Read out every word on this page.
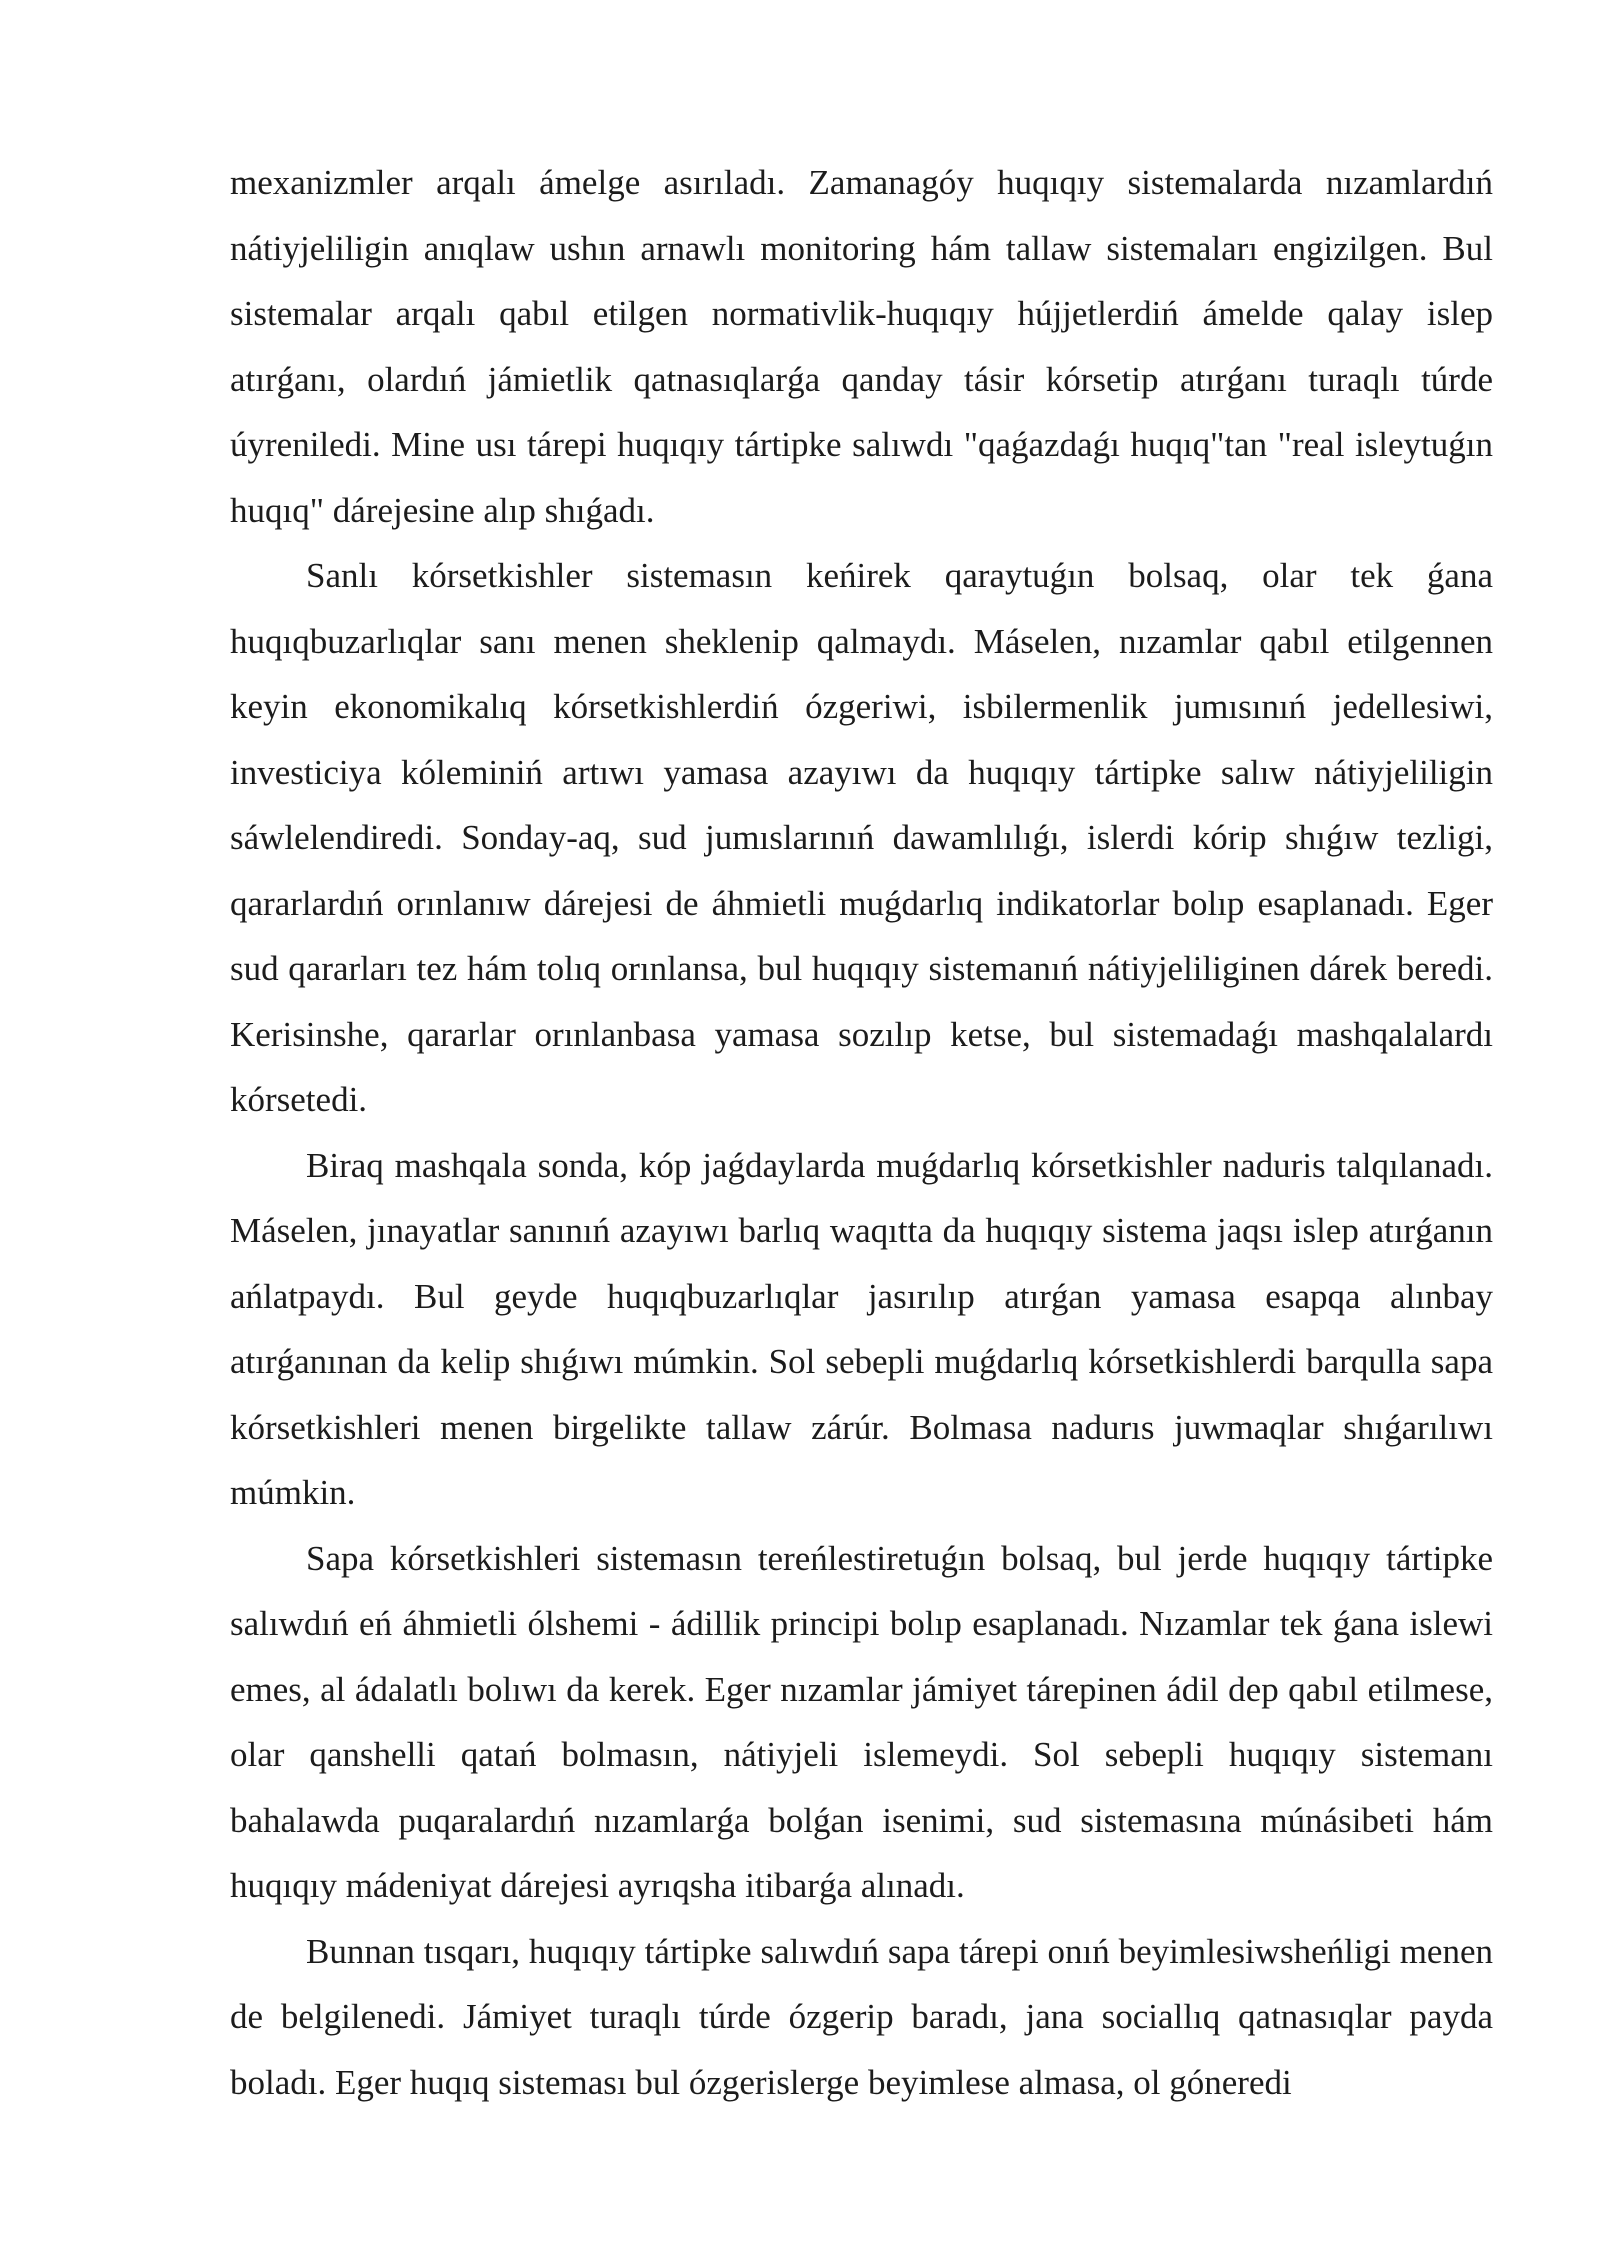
mexanizmler arqalı ámelge asırıladı. Zamanagóy huqıqıy sistemalarda nızamlardıń nátiyjeliligin anıqlaw ushın arnawlı monitoring hám tallaw sistemaları engizilgen. Bul sistemalar arqalı qabıl etilgen normativlik-huqıqıy hújjetlerdiń ámelde qalay islep atırǵanı, olardıń jámietlik qatnasıqlarǵa qanday tásir kórsetip atırǵanı turaqlı túrde úyreniledi. Mine usı tárepi huqıqıy tártipke salıwdı "qaǵazdaǵı huqıq"tan "real isleytuǵın huqıq" dárejesine alıp shıǵadı.

Sanlı kórsetkishler sistemasın keńirek qaraytuǵın bolsaq, olar tek ǵana huqıqbuzarlıqlar sanı menen sheklenip qalmaydı. Máselen, nızamlar qabıl etilgennen keyin ekonomikalıq kórsetkishlerdiń ózgeriwi, isbilermenlik jumısınıń jedellesiwi, investiciya kóleminiń artıwı yamasa azayıwı da huqıqıy tártipke salıw nátiyjeliligin sáwlelendiredi. Sonday-aq, sud jumıslarınıń dawamlılıǵı, islerdi kórip shıǵıw tezligi, qararlardıń orınlanıw dárejesi de áhmietli muǵdarlıq indikatorlar bolıp esaplanadı. Eger sud qararları tez hám tolıq orınlansa, bul huqıqıy sistemanıń nátiyjeliliginen dárek beredi. Kerisinshe, qararlar orınlanbasa yamasa sozılıp ketse, bul sistemadaǵı mashqalalardı kórsetedi.

Biraq mashqala sonda, kóp jaǵdaylarda muǵdarlıq kórsetkishler naduris talqılanadı. Máselen, jınayatlar sanınıń azayıwı barlıq waqıtta da huqıqıy sistema jaqsı islep atırǵanın ańlatpaydı. Bul geyde huqıqbuzarlıqlar jasırılıp atırǵan yamasa esapqa alınbay atırǵanınan da kelip shıǵıwı múmkin. Sol sebepli muǵdarlıq kórsetkishlerdi barqulla sapa kórsetkishleri menen birgelikte tallaw zárúr. Bolmasa nadurıs juwmaqlar shıǵarılıwı múmkin.

Sapa kórsetkishleri sistemasın tereńlestiretuǵın bolsaq, bul jerde huqıqıy tártipke salıwdıń eń áhmietli ólshemi - ádillik principi bolıp esaplanadı. Nızamlar tek ǵana islewi emes, al ádalatlı bolıwı da kerek. Eger nızamlar jámiyet tárepinen ádil dep qabıl etilmese, olar qanshelli qatań bolmasın, nátiyjeli islemeydi. Sol sebepli huqıqıy sistemanı bahalawda puqaralardıń nızamlarǵa bolǵan isenimi, sud sistemasına múnásibeti hám huqıqıy mádeniyat dárejesi ayrıqsha itibarǵa alınadı.

Bunnan tısqarı, huqıqıy tártipke salıwdıń sapa tárepi onıń beyimlesiwsheńligi menen de belgilenedi. Jámiyet turaqlı túrde ózgerip baradı, jana sociallıq qatnasıqlar payda boladı. Eger huqıq sisteması bul ózgerislerge beyimlese almasa, ol góneredi
